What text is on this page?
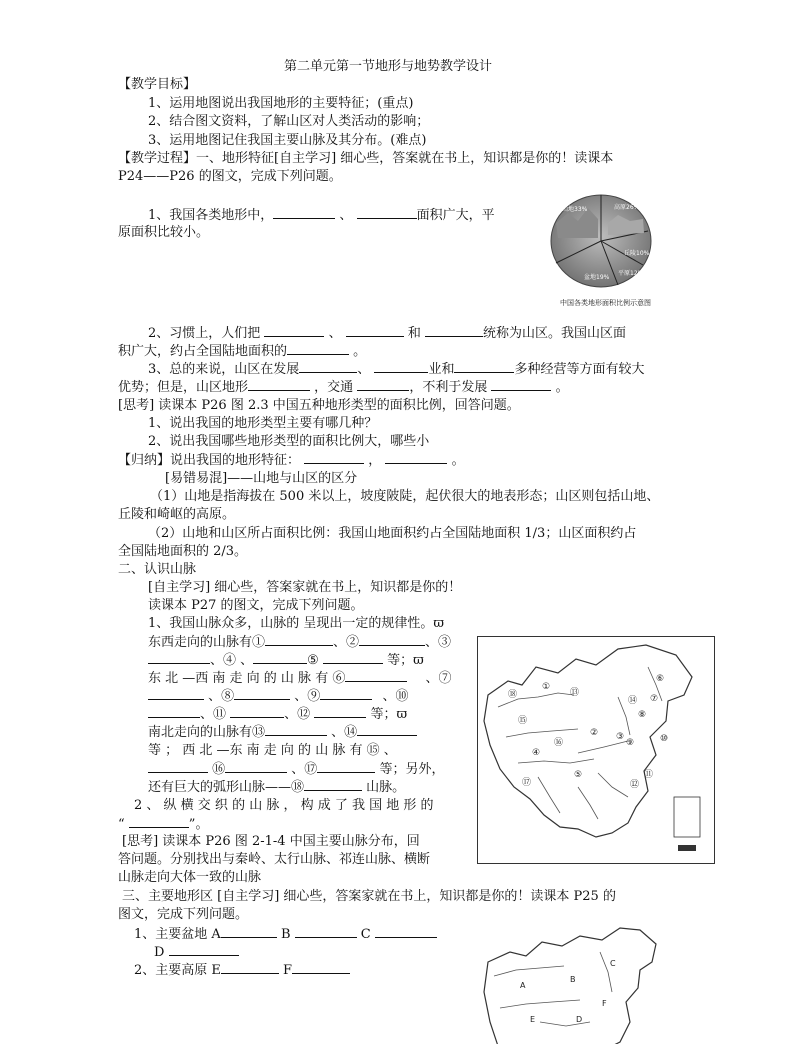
第二单元第一节地形与地势教学设计
【教学目标】
1、运用地图说出我国地形的主要特征；(重点)
2、结合图文资料，了解山区对人类活动的影响；
3、运用地图记住我国主要山脉及其分布。(难点)
【教学过程】一、地形特征[自主学习] 细心些，答案就在书上，知识都是你的！读课本
P24——P26 的图文，完成下列问题。
1、我国各类地形中，	、	面积广大，平
原面积比较小。
山地33%	高原26%
丘陵10%
平原12%
盆地19%
中国各类地形面积比例示意图
2、习惯上，人们把	、	和	统称为山区。我国山区面
积广大，约占全国陆地面积的	。
3、总的来说，山区在发展	、	业和	多种经营等方面有较大
优势；但是，山区地形	，交通	，不利于发展	。
[思考] 读课本 P26 图 2.3 中国五种地形类型的面积比例，回答问题。
1、说出我国的地形类型主要有哪几种？
2、说出我国哪些地形类型的面积比例大，哪些小
【归纳】说出我国的地形特征：	，	。
[易错易混]——山地与山区的区分
（1）山地是指海拔在 500 米以上，坡度陂陡，起伏很大的地表形态；山区则包括山地、
丘陵和崎岖的高原。
（2）山地和山区所占面积比例：我国山地面积约占全国陆地面积 1/3；山区面积约占
全国陆地面积的 2/3。
二、认识山脉
[自主学习] 细心些，答案家就在书上，知识都是你的！
读课本 P27 的图文，完成下列问题。
1、我国山脉众多，山脉的 呈现出一定的规律性。ϖ
东西走向的山脉有①	、②	、③
、④ 、	⑤	等；ϖ
东 北 —西 南 走 向 的 山 脉 有 ⑥	、⑦
、⑧	、⑨	、⑩
、⑪	、⑫	等；ϖ
南北走向的山脉有⑬	、⑭
等 ； 西 北 —东 南 走 向 的 山 脉 有 ⑮ 、
⑯	、⑰	等；另外，
还有巨大的弧形山脉——⑱	山脉。
2 、 纵 横 交 织 的 山 脉 ， 构 成 了 我 国 地 形 的
“	”。
[思考] 读课本 P26 图 2-1-4 中国主要山脉分布，回
答问题。分别找出与秦岭、太行山脉、祁连山脉、横断
山脉走向大体一致的山脉
①
② ③
④
⑤
⑥
⑦
⑧
⑨	⑩
⑪
⑫
⑬
⑭
⑮
⑯
⑰
⑱
三、主要地形区 [自主学习] 细心些，答案家就在书上，知识都是你的！读课本 P25 的
图文，完成下列问题。
1、主要盆地 A	B	C
D
2、主要高原 E	F
A
B
C
D
E
F
